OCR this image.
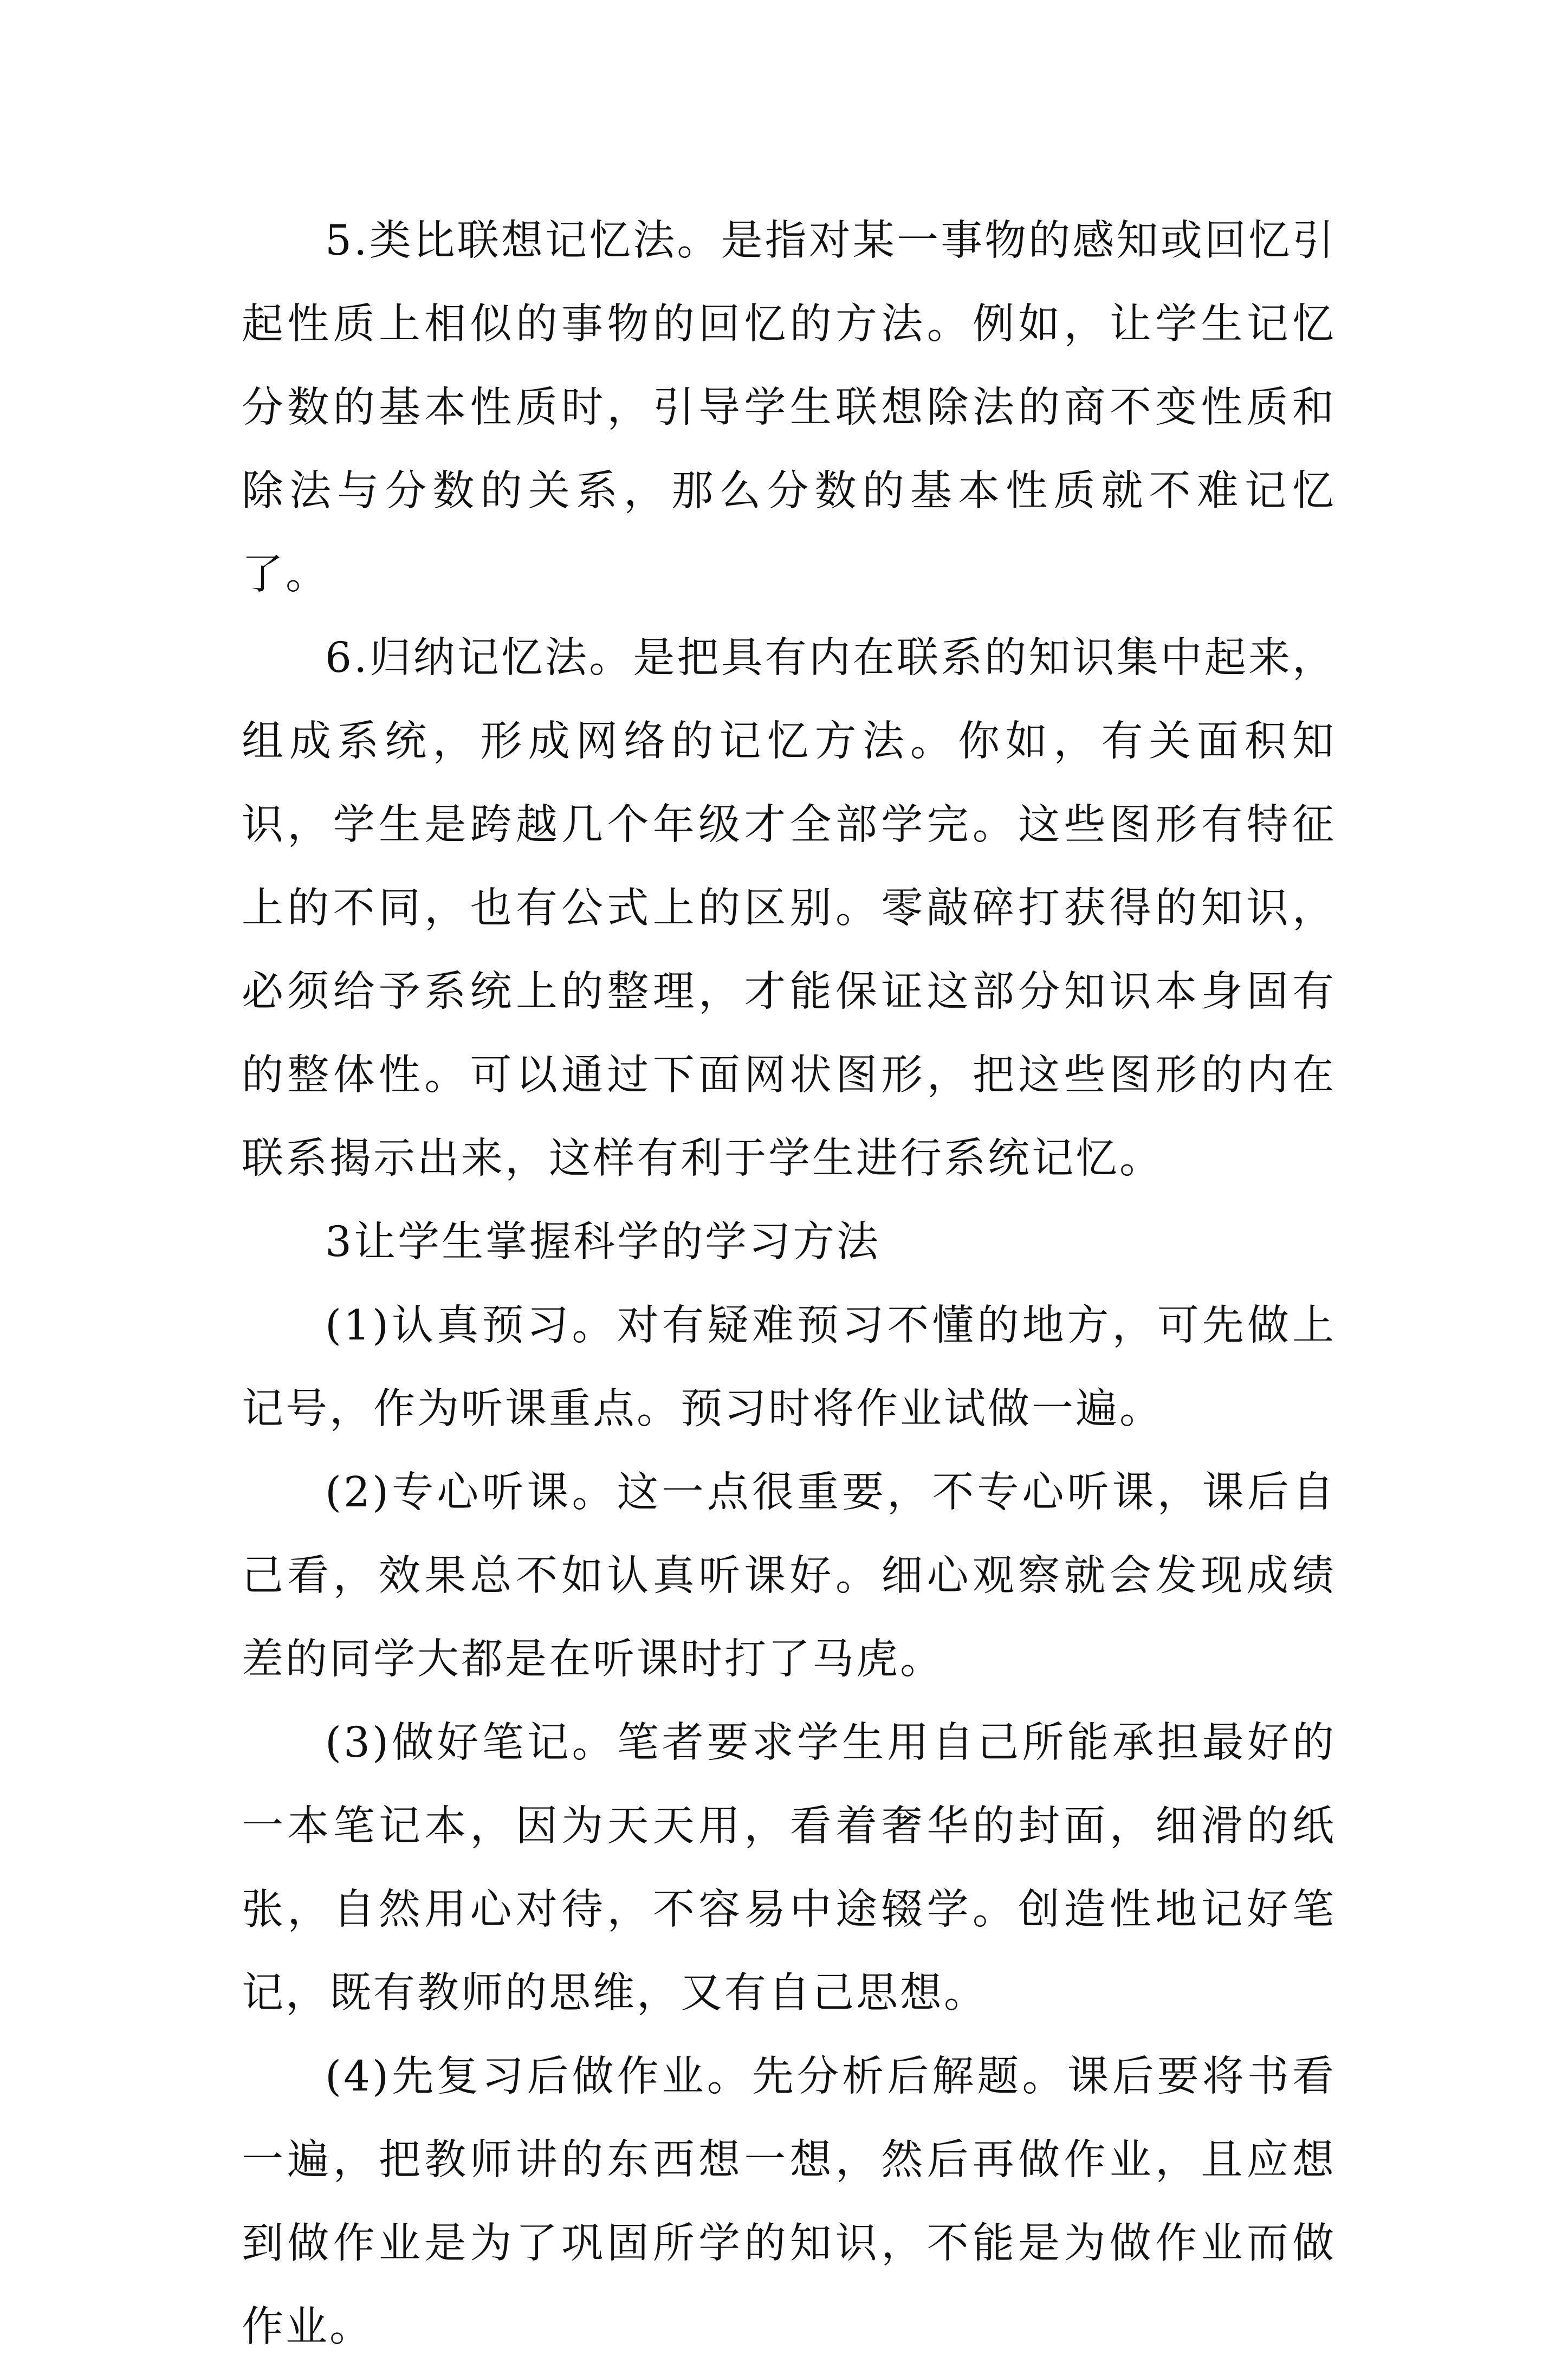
5.类比联想记忆法。是指对某一事物的感知或回忆引起性质上相似的事物的回忆的方法。例如，让学生记忆分数的基本性质时，引导学生联想除法的商不变性质和除法与分数的关系，那么分数的基本性质就不难记忆了。

6.归纳记忆法。是把具有内在联系的知识集中起来，组成系统，形成网络的记忆方法。你如，有关面积知识，学生是跨越几个年级才全部学完。这些图形有特征上的不同，也有公式上的区别。零敲碎打获得的知识，必须给予系统上的整理，才能保证这部分知识本身固有的整体性。可以通过下面网状图形，把这些图形的内在联系揭示出来，这样有利于学生进行系统记忆。

3让学生掌握科学的学习方法

(1)认真预习。对有疑难预习不懂的地方，可先做上记号，作为听课重点。预习时将作业试做一遍。

(2)专心听课。这一点很重要，不专心听课，课后自己看，效果总不如认真听课好。细心观察就会发现成绩差的同学大都是在听课时打了马虎。

(3)做好笔记。笔者要求学生用自己所能承担最好的一本笔记本，因为天天用，看着奢华的封面，细滑的纸张，自然用心对待，不容易中途辍学。创造性地记好笔记，既有教师的思维，又有自己思想。

(4)先复习后做作业。先分析后解题。课后要将书看一遍，把教师讲的东西想一想，然后再做作业，且应想到做作业是为了巩固所学的知识，不能是为做作业而做作业。
